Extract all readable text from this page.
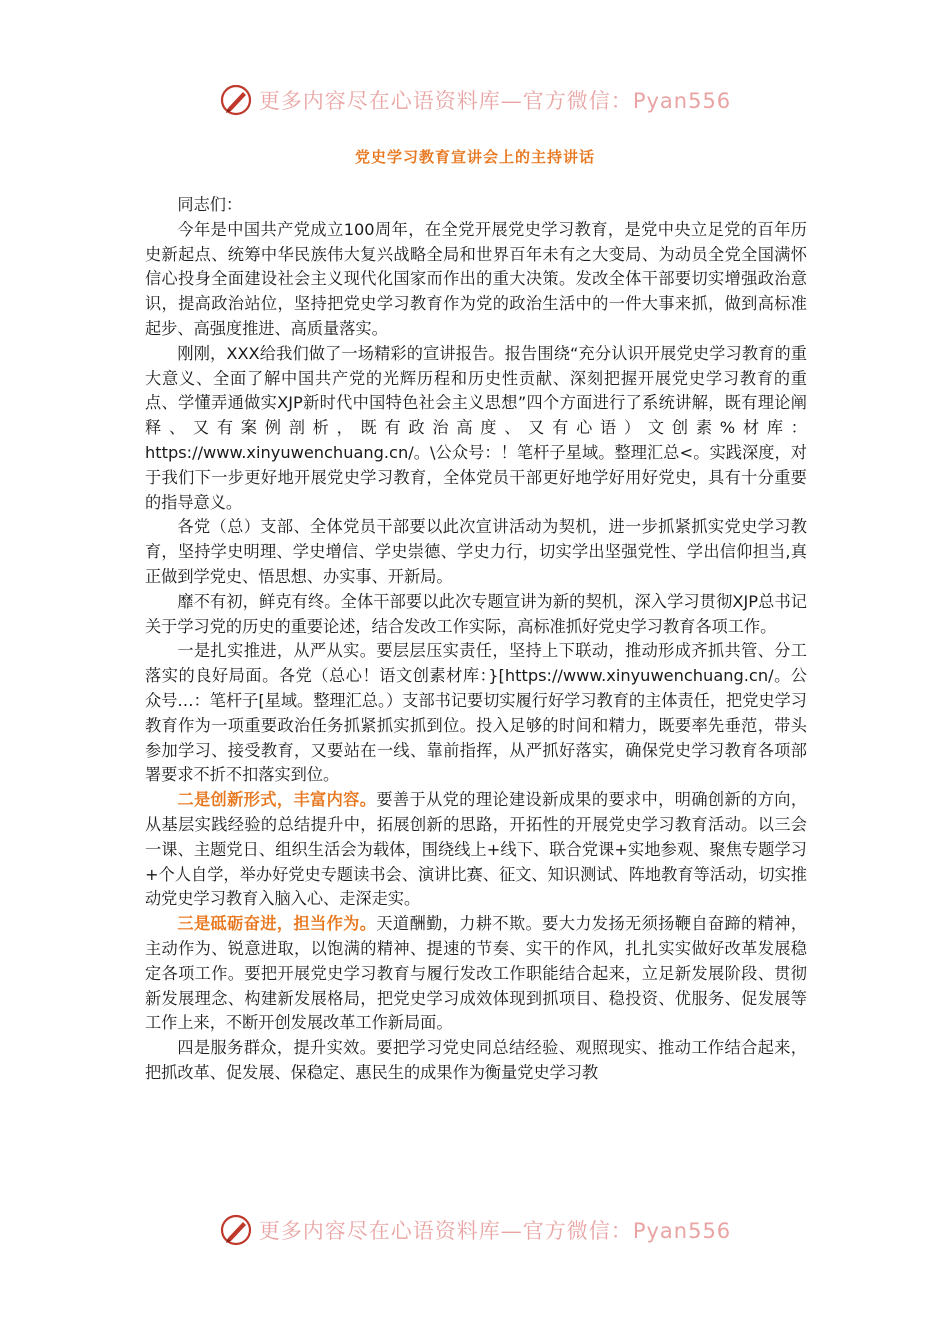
更多内容尽在心语资料库—官方微信：Pyan556
党史学习教育宣讲会上的主持讲话

同志们：

今年是中国共产党成立100周年，在全党开展党史学习教育，是党中央立足党的百年历史新起点、统筹中华民族伟大复兴战略全局和世界百年未有之大变局、为动员全党全国满怀信心投身全面建设社会主义现代化国家而作出的重大决策。发改全体干部要切实增强政治意识，提高政治站位，坚持把党史学习教育作为党的政治生活中的一件大事来抓，做到高标准起步、高强度推进、高质量落实。

刚刚，XXX给我们做了一场精彩的宣讲报告。报告围绕“充分认识开展党史学习教育的重大意义、全面了解中国共产党的光辉历程和历史性贡献、深刻把握开展党史学习教育的重点、学懂弄通做实XJP新时代中国特色社会主义思想”四个方面进行了系统讲解，既有理论阐释、又有案例剖析，既有政治高度、又有心语）文创素%材库：https://www.xinyuwenchuang.cn/。\公众号：！笔杆子星域。整理汇总<。实践深度，对于我们下一步更好地开展党史学习教育，全体党员干部更好地学好用好党史，具有十分重要的指导意义。

各党（总）支部、全体党员干部要以此次宣讲活动为契机，进一步抓紧抓实党史学习教育，坚持学史明理、学史增信、学史崇德、学史力行，切实学出坚强党性、学出信仰担当,真正做到学党史、悟思想、办实事、开新局。

靡不有初，鲜克有终。全体干部要以此次专题宣讲为新的契机，深入学习贯彻XJP总书记关于学习党的历史的重要论述，结合发改工作实际，高标准抓好党史学习教育各项工作。

一是扎实推进，从严从实。要层层压实责任，坚持上下联动，推动形成齐抓共管、分工落实的良好局面。各党（总心！语文创素材库：}[https://www.xinyuwenchuang.cn/。公众号…：笔杆子[星域。整理汇总。）支部书记要切实履行好学习教育的主体责任，把党史学习教育作为一项重要政治任务抓紧抓实抓到位。投入足够的时间和精力，既要率先垂范，带头参加学习、接受教育，又要站在一线、靠前指挥，从严抓好落实，确保党史学习教育各项部署要求不折不扣落实到位。

二是创新形式，丰富内容。要善于从党的理论建设新成果的要求中，明确创新的方向，从基层实践经验的总结提升中，拓展创新的思路，开拓性的开展党史学习教育活动。以三会一课、主题党日、组织生活会为载体，围绕线上+线下、联合党课+实地参观、聚焦专题学习+个人自学，举办好党史专题读书会、演讲比赛、征文、知识测试、阵地教育等活动，切实推动党史学习教育入脑入心、走深走实。

三是砥砺奋进，担当作为。天道酬勤，力耕不欺。要大力发扬无须扬鞭自奋蹄的精神，主动作为、锐意进取，以饱满的精神、提速的节奏、实干的作风，扎扎实实做好改革发展稳定各项工作。要把开展党史学习教育与履行发改工作职能结合起来，立足新发展阶段、贯彻新发展理念、构建新发展格局，把党史学习成效体现到抓项目、稳投资、优服务、促发展等工作上来，不断开创发展改革工作新局面。

四是服务群众，提升实效。要把学习党史同总结经验、观照现实、推动工作结合起来，把抓改革、促发展、保稳定、惠民生的成果作为衡量党史学习教

更多内容尽在心语资料库—官方微信：Pyan556
